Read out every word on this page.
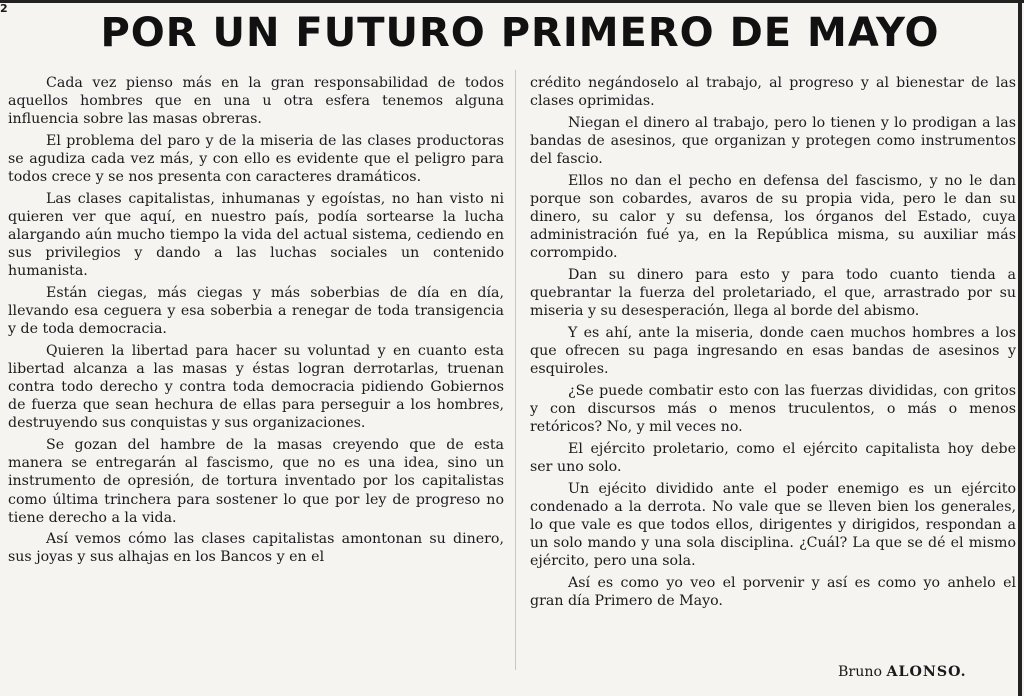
2
POR UN FUTURO PRIMERO DE MAYO

Cada vez pienso más en la gran responsabilidad de todos aquellos hombres que en una u otra esfera tenemos alguna influencia sobre las masas obreras.

El problema del paro y de la miseria de las clases productoras se agudiza cada vez más, y con ello es evidente que el peligro para todos crece y se nos presenta con caracteres dramáticos.

Las clases capitalistas, inhumanas y egoístas, no han visto ni quieren ver que aquí, en nuestro país, podía sortearse la lucha alargando aún mucho tiempo la vida del actual sistema, cediendo en sus privilegios y dando a las luchas sociales un contenido humanista.

Están ciegas, más ciegas y más soberbias de día en día, llevando esa ceguera y esa soberbia a renegar de toda transigencia y de toda democracia.

Quieren la libertad para hacer su voluntad y en cuanto esta libertad alcanza a las masas y éstas logran derrotarlas, truenan contra todo derecho y contra toda democracia pidiendo Gobiernos de fuerza que sean hechura de ellas para perseguir a los hombres, destruyendo sus conquistas y sus organizaciones.

Se gozan del hambre de la masas creyendo que de esta manera se entregarán al fascismo, que no es una idea, sino un instrumento de opresión, de tortura inventado por los capitalistas como última trinchera para sostener lo que por ley de progreso no tiene derecho a la vida.

Así vemos cómo las clases capitalistas amontonan su dinero, sus joyas y sus alhajas en los Bancos y en el

crédito negándoselo al trabajo, al progreso y al bienestar de las clases oprimidas.

Niegan el dinero al trabajo, pero lo tienen y lo prodigan a las bandas de asesinos, que organizan y protegen como instrumentos del fascio.

Ellos no dan el pecho en defensa del fascismo, y no le dan porque son cobardes, avaros de su propia vida, pero le dan su dinero, su calor y su defensa, los órganos del Estado, cuya administración fué ya, en la República misma, su auxiliar más corrompido.

Dan su dinero para esto y para todo cuanto tienda a quebrantar la fuerza del proletariado, el que, arrastrado por su miseria y su desesperación, llega al borde del abismo.

Y es ahí, ante la miseria, donde caen muchos hombres a los que ofrecen su paga ingresando en esas bandas de asesinos y esquiroles.

¿Se puede combatir esto con las fuerzas divididas, con gritos y con discursos más o menos truculentos, o más o menos retóricos? No, y mil veces no.

El ejército proletario, como el ejército capitalista hoy debe ser uno solo.

Un ejécito dividido ante el poder enemigo es un ejército condenado a la derrota. No vale que se lleven bien los generales, lo que vale es que todos ellos, dirigentes y dirigidos, respondan a un solo mando y una sola disciplina. ¿Cuál? La que se dé el mismo ejército, pero una sola.

Así es como yo veo el porvenir y así es como yo anhelo el gran día Primero de Mayo.

Bruno ALONSO.
